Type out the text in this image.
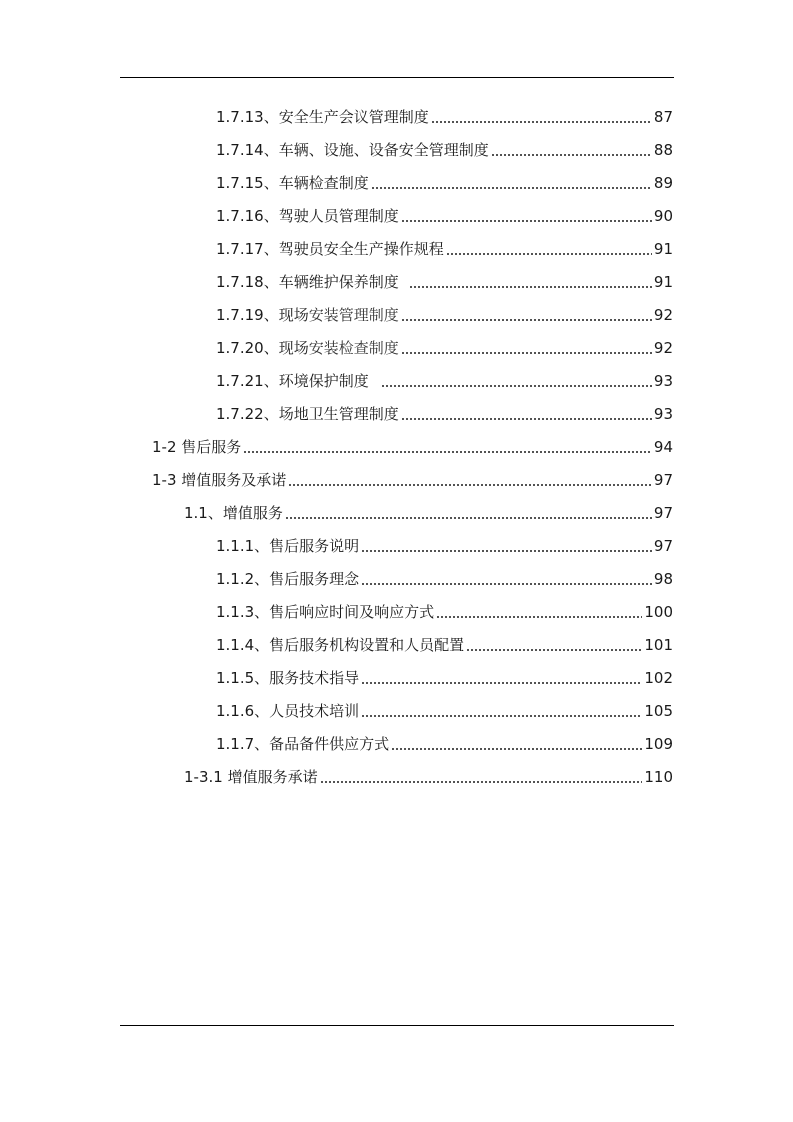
1.7.13、安全生产会议管理制度	87
1.7.14、车辆、设施、设备安全管理制度	88
1.7.15、车辆检查制度	89
1.7.16、驾驶人员管理制度	90
1.7.17、驾驶员安全生产操作规程	91
1.7.18、车辆维护保养制度	91
1.7.19、现场安装管理制度	92
1.7.20、现场安装检查制度	92
1.7.21、环境保护制度	93
1.7.22、场地卫生管理制度	93
1-2 售后服务	94
1-3 增值服务及承诺	97
1.1、增值服务	97
1.1.1、售后服务说明	97
1.1.2、售后服务理念	98
1.1.3、售后响应时间及响应方式	100
1.1.4、售后服务机构设置和人员配置	101
1.1.5、服务技术指导	102
1.1.6、人员技术培训	105
1.1.7、备品备件供应方式	109
1-3.1 增值服务承诺	110
